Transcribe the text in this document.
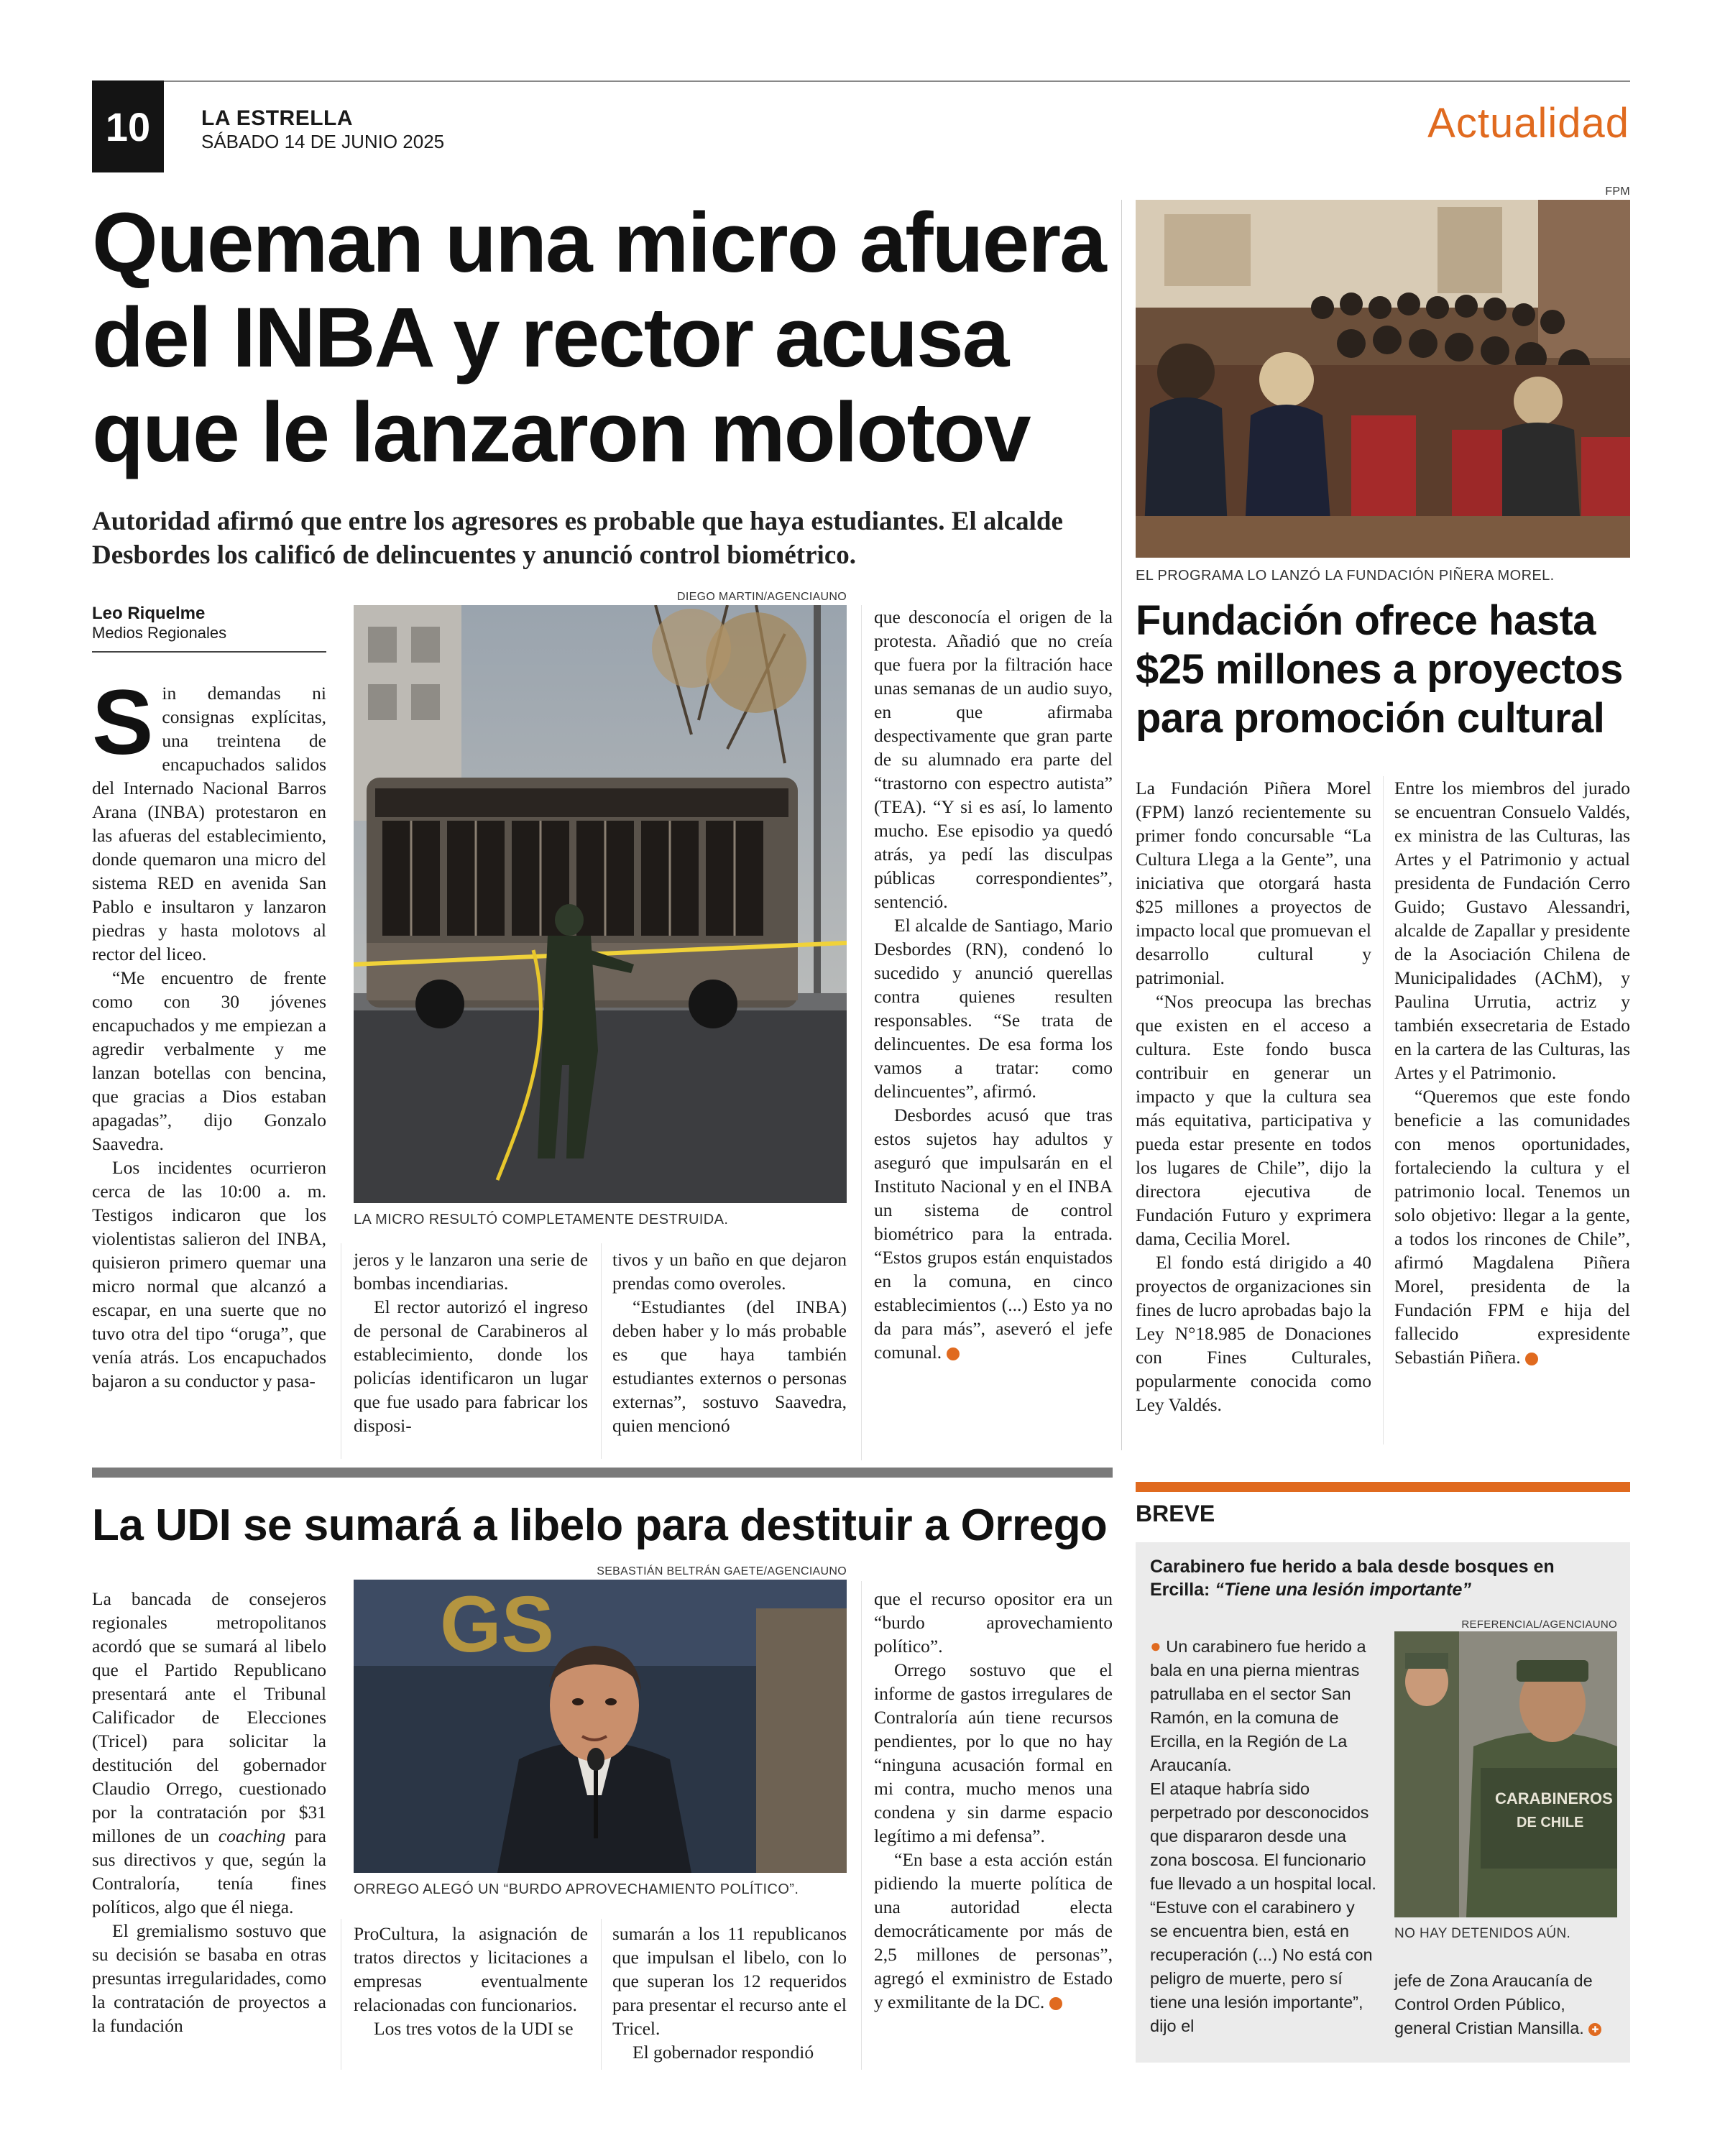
10	LA ESTRELLA
SÁBADO 14 DE JUNIO 2025	Actualidad
Queman una micro afuera del INBA y rector acusa que le lanzaron molotov
Autoridad afirmó que entre los agresores es probable que haya estudiantes. El alcalde Desbordes los calificó de delincuentes y anunció control biométrico.
Leo Riquelme
Medios Regionales

Sin demandas ni consignas explícitas, una treintena de encapuchados salidos del Internado Nacional Barros Arana (INBA) protestaron en las afueras del establecimiento, donde quemaron una micro del sistema RED en avenida San Pablo e insultaron y lanzaron piedras y hasta molotovs al rector del liceo.

“Me encuentro de frente como con 30 jóvenes encapuchados y me empiezan a agredir verbalmente y me lanzan botellas con bencina, que gracias a Dios estaban apagadas”, dijo Gonzalo Saavedra.

Los incidentes ocurrieron cerca de las 10:00 a. m. Testigos indicaron que los violentistas salieron del INBA, quisieron primero quemar una micro normal que alcanzó a escapar, en una suerte que no tuvo otra del tipo “oruga”, que venía atrás. Los encapuchados bajaron a su conductor y pasa-

DIEGO MARTIN/AGENCIAUNO
LA MICRO RESULTÓ COMPLETAMENTE DESTRUIDA.

jeros y le lanzaron una serie de bombas incendiarias.

El rector autorizó el ingreso de personal de Carabineros al establecimiento, donde los policías identificaron un lugar que fue usado para fabricar los disposi-

tivos y un baño en que dejaron prendas como overoles.

“Estudiantes (del INBA) deben haber y lo más probable es que haya también estudiantes externos o personas externas”, sostuvo Saavedra, quien mencionó

que desconocía el origen de la protesta. Añadió que no creía que fuera por la filtración hace unas semanas de un audio suyo, en que afirmaba despectivamente que gran parte de su alumnado era parte del “trastorno con espectro autista” (TEA). “Y si es así, lo lamento mucho. Ese episodio ya quedó atrás, ya pedí las disculpas públicas correspondientes”, sentenció.

El alcalde de Santiago, Mario Desbordes (RN), condenó lo sucedido y anunció querellas contra quienes resulten responsables. “Se trata de delincuentes. De esa forma los vamos a tratar: como delincuentes”, afirmó.

Desbordes acusó que tras estos sujetos hay adultos y aseguró que impulsarán en el Instituto Nacional y en el INBA un sistema de control biométrico para la entrada. “Estos grupos están enquistados en la comuna, en cinco establecimientos (...) Esto ya no da para más”, aseveró el jefe comunal.	✚

FPM
EL PROGRAMA LO LANZÓ LA FUNDACIÓN PIÑERA MOREL.
Fundación ofrece hasta $25 millones a proyectos para promoción cultural

La Fundación Piñera Morel (FPM) lanzó recientemente su primer fondo concursable “La Cultura Llega a la Gente”, una iniciativa que otorgará hasta $25 millones a proyectos de impacto local que promuevan el desarrollo cultural y patrimonial.

“Nos preocupa las brechas que existen en el acceso a cultura. Este fondo busca contribuir en generar un impacto y que la cultura sea más equitativa, participativa y pueda estar presente en todos los lugares de Chile”, dijo la directora ejecutiva de Fundación Futuro y exprimera dama, Cecilia Morel.

El fondo está dirigido a 40 proyectos de organizaciones sin fines de lucro aprobadas bajo la Ley N°18.985 de Donaciones con Fines Culturales, popularmente conocida como Ley Valdés.

Entre los miembros del jurado se encuentran Consuelo Valdés, ex ministra de las Culturas, las Artes y el Patrimonio y actual presidenta de Fundación Cerro Guido; Gustavo Alessandri, alcalde de Zapallar y presidente de la Asociación Chilena de Municipalidades (AChM), y Paulina Urrutia, actriz y también exsecretaria de Estado en la cartera de las Culturas, las Artes y el Patrimonio.

“Queremos que este fondo beneficie a las comunidades con menos oportunidades, fortaleciendo la cultura y el patrimonio local. Tenemos un solo objetivo: llegar a la gente, a todos los rincones de Chile”, afirmó Magdalena Piñera Morel, presidenta de la Fundación FPM e hija del fallecido expresidente Sebastián Piñera.	✚

La UDI se sumará a libelo para destituir a Orrego

La bancada de consejeros regionales metropolitanos acordó que se sumará al libelo que el Partido Republicano presentará ante el Tribunal Calificador de Elecciones (Tricel) para solicitar la destitución del gobernador Claudio Orrego, cuestionado por la contratación por $31 millones de un coaching para sus directivos y que, según la Contraloría, tenía fines políticos, algo que él niega.

El gremialismo sostuvo que su decisión se basaba en otras presuntas irregularidades, como la contratación de proyectos a la fundación

SEBASTIÁN BELTRÁN GAETE/AGENCIAUNO
GS
ORREGO ALEGÓ UN “BURDO APROVECHAMIENTO POLÍTICO”.

ProCultura, la asignación de tratos directos y licitaciones a empresas eventualmente relacionadas con funcionarios.

Los tres votos de la UDI se

sumarán a los 11 republicanos que impulsan el libelo, con lo que superan los 12 requeridos para presentar el recurso ante el Tricel.

El gobernador respondió

que el recurso opositor era un “burdo aprovechamiento político”.

Orrego sostuvo que el informe de gastos irregulares de Contraloría aún tiene recursos pendientes, por lo que no hay “ninguna acusación formal en mi contra, mucho menos una condena y sin darme espacio legítimo a mi defensa”.

“En base a esta acción están pidiendo la muerte política de una autoridad electa democráticamente por más de 2,5 millones de personas”, agregó el exministro de Estado y exmilitante de la DC.	✚

BREVE
Carabinero fue herido a bala desde bosques en Ercilla: “Tiene una lesión importante”
REFERENCIAL/AGENCIAUNO
CARABINEROS
DE CHILE
NO HAY DETENIDOS AÚN.

● Un carabinero fue herido a bala en una pierna mientras patrullaba en el sector San Ramón, en la comuna de Ercilla, en la Región de La Araucanía.

El ataque habría sido perpetrado por desconocidos que dispararon desde una zona boscosa. El funcionario fue llevado a un hospital local. “Estuve con el carabinero y se encuentra bien, está en recuperación (...) No está con peligro de muerte, pero sí tiene una lesión importante”, dijo el

jefe de Zona Araucanía de Control Orden Público, general Cristian Mansilla. ✚
